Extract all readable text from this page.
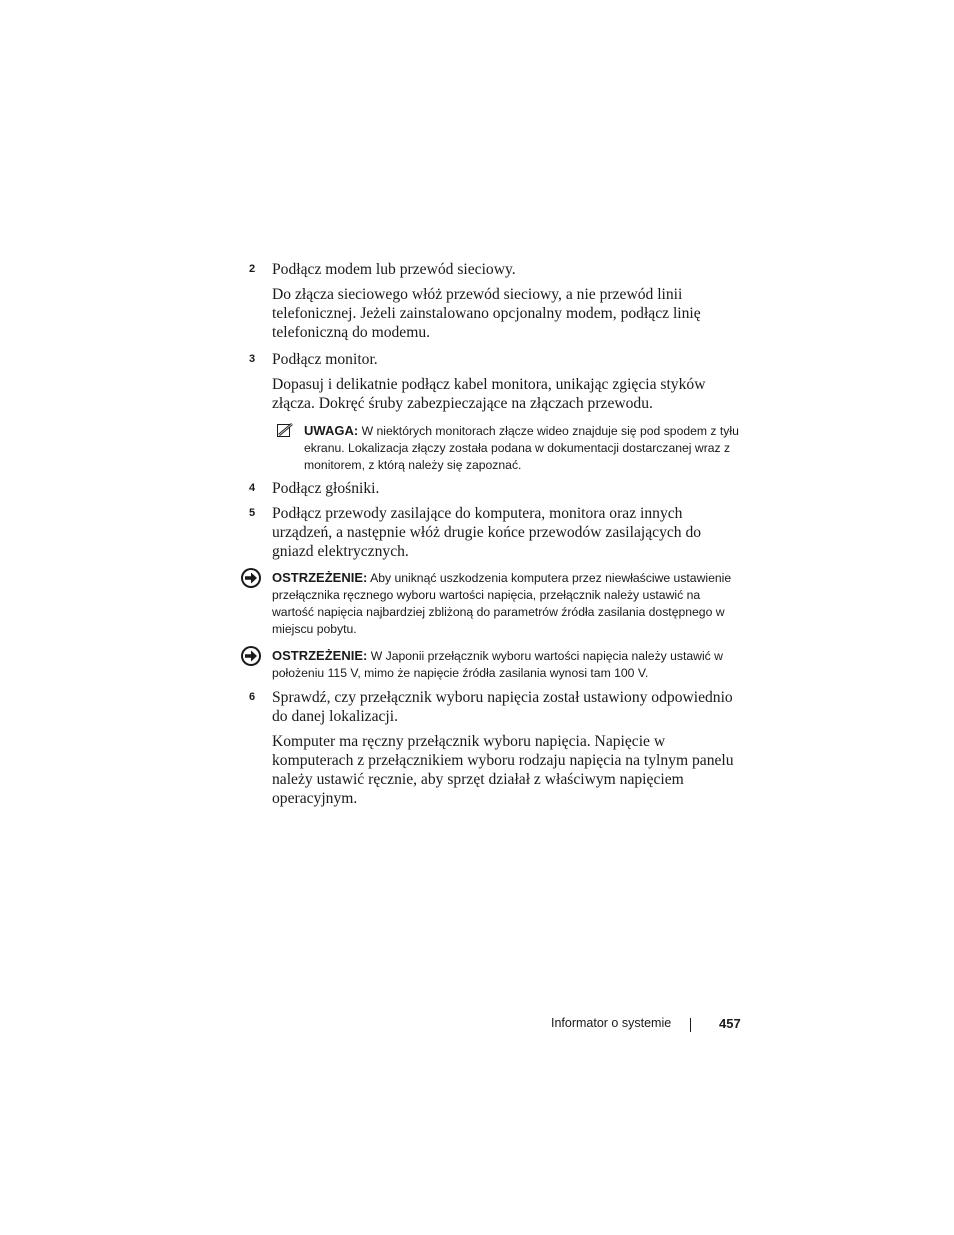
2 Podłącz modem lub przewód sieciowy.

Do złącza sieciowego włóż przewód sieciowy, a nie przewód linii telefonicznej. Jeżeli zainstalowano opcjonalny modem, podłącz linię telefoniczną do modemu.

3 Podłącz monitor.

Dopasuj i delikatnie podłącz kabel monitora, unikając zgięcia styków złącza. Dokręć śruby zabezpieczające na złączach przewodu.

UWAGA: W niektórych monitorach złącze wideo znajduje się pod spodem z tyłu ekranu. Lokalizacja złączy została podana w dokumentacji dostarczanej wraz z monitorem, z którą należy się zapoznać.
4 Podłącz głośniki.
5 Podłącz przewody zasilające do komputera, monitora oraz innych urządzeń, a następnie włóż drugie końce przewodów zasilających do gniazd elektrycznych.
OSTRZEŻENIE: Aby uniknąć uszkodzenia komputera przez niewłaściwe ustawienie przełącznika ręcznego wyboru wartości napięcia, przełącznik należy ustawić na wartość napięcia najbardziej zbliżoną do parametrów źródła zasilania dostępnego w miejscu pobytu.
OSTRZEŻENIE: W Japonii przełącznik wyboru wartości napięcia należy ustawić w położeniu 115 V, mimo że napięcie źródła zasilania wynosi tam 100 V.
6 Sprawdź, czy przełącznik wyboru napięcia został ustawiony odpowiednio do danej lokalizacji.

Komputer ma ręczny przełącznik wyboru napięcia. Napięcie w komputerach z przełącznikiem wyboru rodzaju napięcia na tylnym panelu należy ustawić ręcznie, aby sprzęt działał z właściwym napięciem operacyjnym.

Informator o systemie	457
